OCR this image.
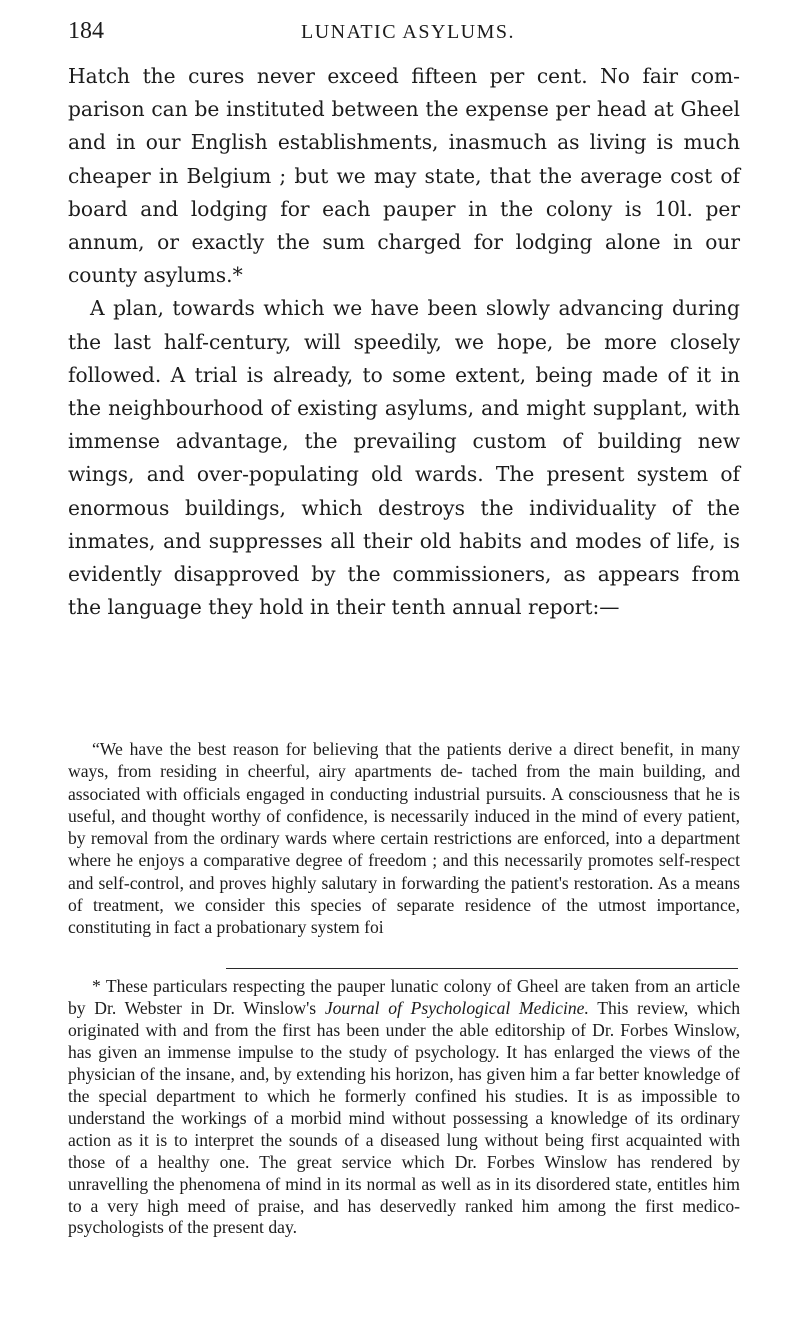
184	LUNATIC ASYLUMS.

Hatch the cures never exceed fifteen per cent. No fair com- parison can be instituted between the expense per head at Gheel and in our English establishments, inasmuch as living is much cheaper in Belgium ; but we may state, that the average cost of board and lodging for each pauper in the colony is 10l. per annum, or exactly the sum charged for lodging alone in our county asylums.*

A plan, towards which we have been slowly advancing during the last half-century, will speedily, we hope, be more closely followed. A trial is already, to some extent, being made of it in the neighbourhood of existing asylums, and might supplant, with immense advantage, the prevailing custom of building new wings, and over-populating old wards. The present system of enormous buildings, which destroys the individuality of the inmates, and suppresses all their old habits and modes of life, is evidently disapproved by the commissioners, as appears from the language they hold in their tenth annual report:—

“We have the best reason for believing that the patients derive a direct benefit, in many ways, from residing in cheerful, airy apartments de- tached from the main building, and associated with officials engaged in conducting industrial pursuits. A consciousness that he is useful, and thought worthy of confidence, is necessarily induced in the mind of every patient, by removal from the ordinary wards where certain restrictions are enforced, into a department where he enjoys a comparative degree of freedom ; and this necessarily promotes self-respect and self-control, and proves highly salutary in forwarding the patient's restoration. As a means of treatment, we consider this species of separate residence of the utmost importance, constituting in fact a probationary system foi

* These particulars respecting the pauper lunatic colony of Gheel are taken from an article by Dr. Webster in Dr. Winslow's Journal of Psychological Medicine. This review, which originated with and from the first has been under the able editorship of Dr. Forbes Winslow, has given an immense impulse to the study of psychology. It has enlarged the views of the physician of the insane, and, by extending his horizon, has given him a far better knowledge of the special department to which he formerly confined his studies. It is as impossible to understand the workings of a morbid mind without possessing a knowledge of its ordinary action as it is to interpret the sounds of a diseased lung without being first acquainted with those of a healthy one. The great service which Dr. Forbes Winslow has rendered by unravelling the phenomena of mind in its normal as well as in its disordered state, entitles him to a very high meed of praise, and has deservedly ranked him among the first medico- psychologists of the present day.
